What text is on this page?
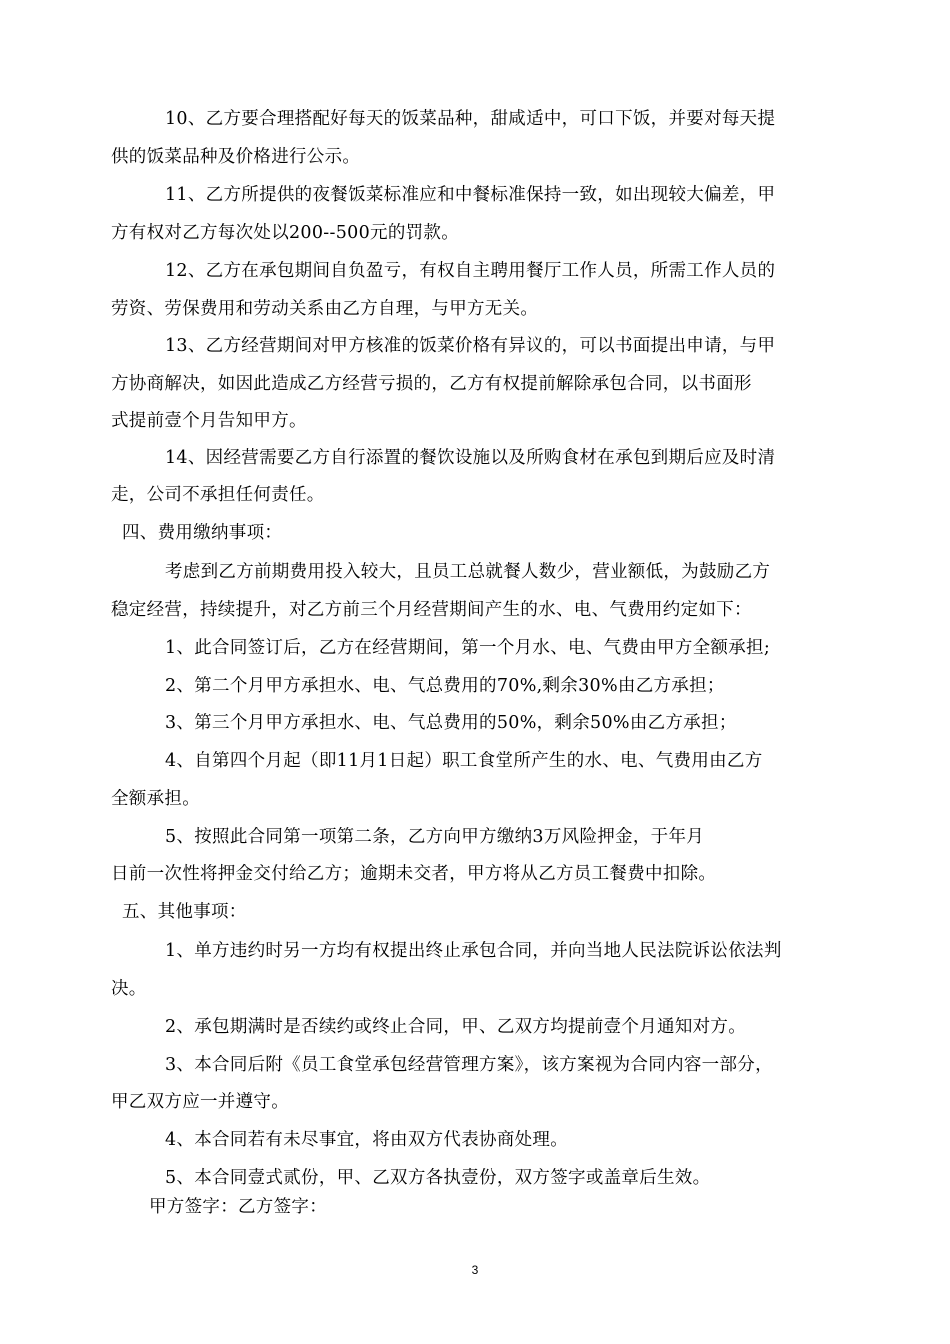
10、乙方要合理搭配好每天的饭菜品种，甜咸适中，可口下饭，并要对每天提
供的饭菜品种及价格进行公示。
11、乙方所提供的夜餐饭菜标准应和中餐标准保持一致，如出现较大偏差，甲
方有权对乙方每次处以200--500元的罚款。
12、乙方在承包期间自负盈亏，有权自主聘用餐厅工作人员，所需工作人员的
劳资、劳保费用和劳动关系由乙方自理，与甲方无关。
13、乙方经营期间对甲方核准的饭菜价格有异议的，可以书面提出申请，与甲
方协商解决，如因此造成乙方经营亏损的，乙方有权提前解除承包合同，以书面形
式提前壹个月告知甲方。
14、因经营需要乙方自行添置的餐饮设施以及所购食材在承包到期后应及时清
走，公司不承担任何责任。
四、费用缴纳事项：
考虑到乙方前期费用投入较大，且员工总就餐人数少，营业额低，为鼓励乙方
稳定经营，持续提升，对乙方前三个月经营期间产生的水、电、气费用约定如下：
1、此合同签订后，乙方在经营期间，第一个月水、电、气费由甲方全额承担;
2、第二个月甲方承担水、电、气总费用的70%,剩余30%由乙方承担；
3、第三个月甲方承担水、电、气总费用的50%，剩余50%由乙方承担；
4、自第四个月起（即11月1日起）职工食堂所产生的水、电、气费用由乙方
全额承担。
5、按照此合同第一项第二条，乙方向甲方缴纳3万风险押金，于年月
日前一次性将押金交付给乙方；逾期未交者，甲方将从乙方员工餐费中扣除。
五、其他事项：
1、单方违约时另一方均有权提出终止承包合同，并向当地人民法院诉讼依法判
决。
2、承包期满时是否续约或终止合同，甲、乙双方均提前壹个月通知对方。
3、本合同后附《员工食堂承包经营管理方案》，该方案视为合同内容一部分，
甲乙双方应一并遵守。
4、本合同若有未尽事宜，将由双方代表协商处理。
5、本合同壹式贰份，甲、乙双方各执壹份，双方签字或盖章后生效。
甲方签字：乙方签字：
3
